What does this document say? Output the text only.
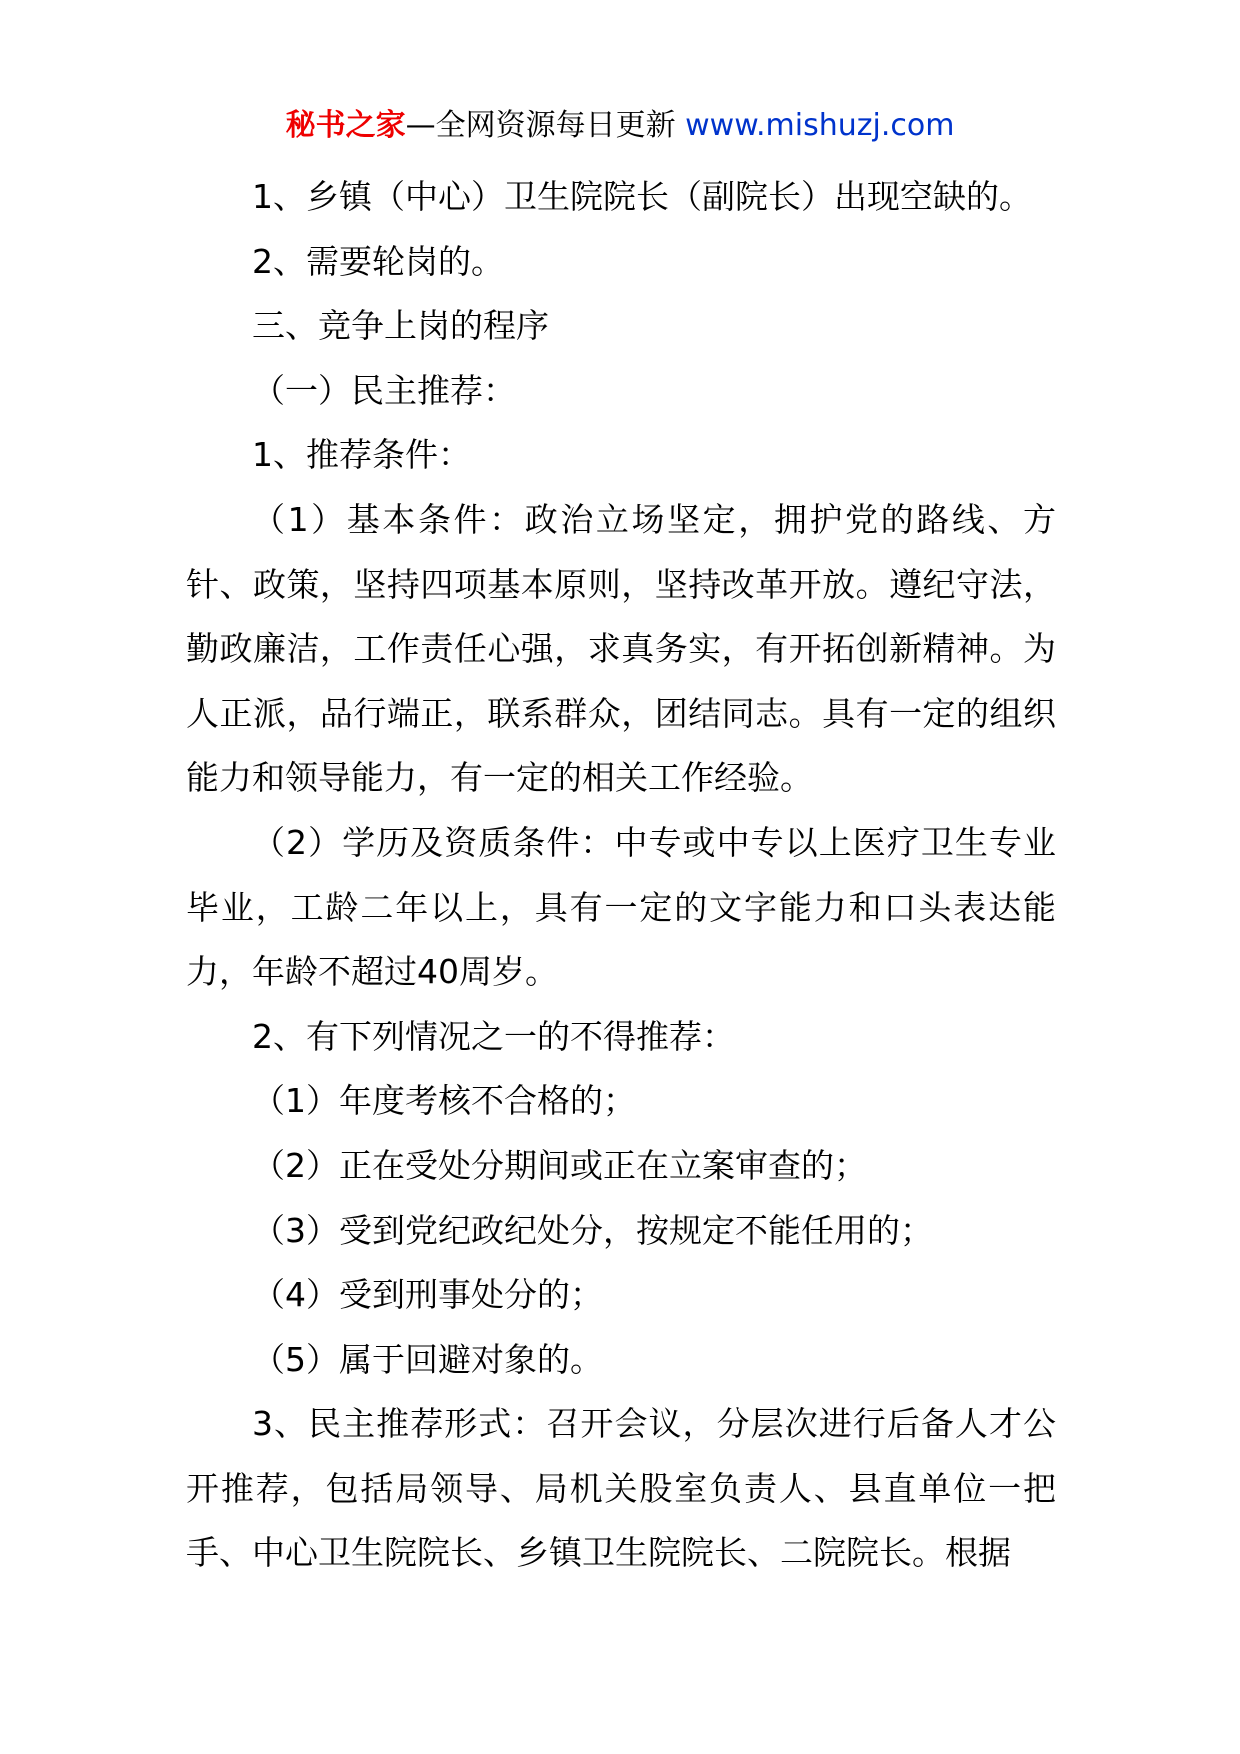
秘书之家—全网资源每日更新 www.mishuzj.com

1、乡镇（中心）卫生院院长（副院长）出现空缺的。

2、需要轮岗的。

三、竞争上岗的程序

（一）民主推荐：

1、推荐条件：

（1）基本条件：政治立场坚定，拥护党的路线、方针、政策，坚持四项基本原则，坚持改革开放。遵纪守法，勤政廉洁，工作责任心强，求真务实，有开拓创新精神。为人正派，品行端正，联系群众，团结同志。具有一定的组织能力和领导能力，有一定的相关工作经验。

（2）学历及资质条件：中专或中专以上医疗卫生专业毕业，工龄二年以上，具有一定的文字能力和口头表达能力，年龄不超过40周岁。

2、有下列情况之一的不得推荐：

（1）年度考核不合格的；

（2）正在受处分期间或正在立案审查的；

（3）受到党纪政纪处分，按规定不能任用的；

（4）受到刑事处分的；

（5）属于回避对象的。

3、民主推荐形式：召开会议，分层次进行后备人才公开推荐，包括局领导、局机关股室负责人、县直单位一把手、中心卫生院院长、乡镇卫生院院长、二院院长。根据
